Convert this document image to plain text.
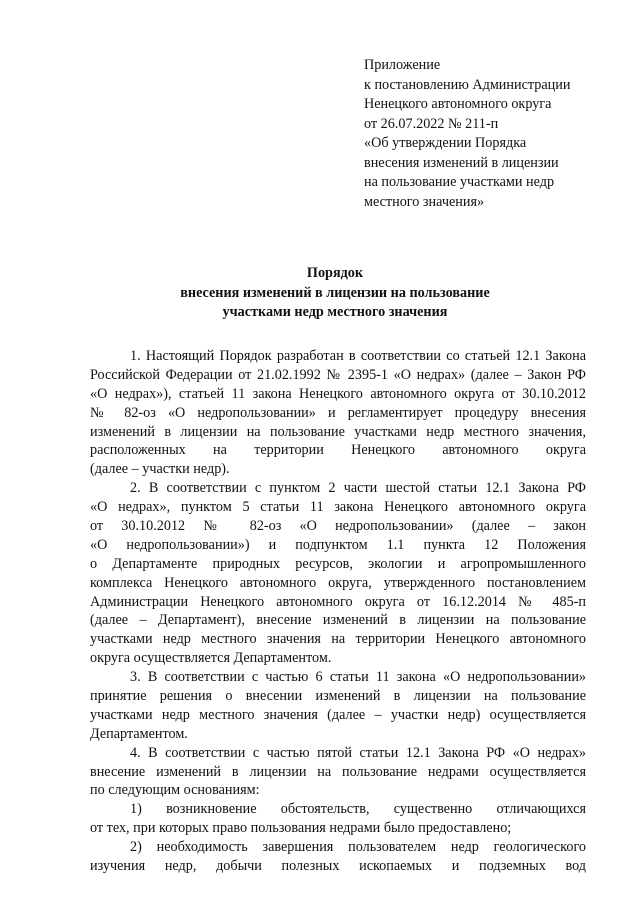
Приложение
к постановлению Администрации
Ненецкого автономного округа
от 26.07.2022 № 211-п
«Об утверждении Порядка
внесения изменений в лицензии
на пользование участками недр
местного значения»
Порядок
внесения изменений в лицензии на пользование
участками недр местного значения
1. Настоящий Порядок разработан в соответствии со статьей 12.1 Закона
Российской Федерации от 21.02.1992 № 2395-1 «О недрах» (далее – Закон РФ
«О недрах»), статьей 11 закона Ненецкого автономного округа от 30.10.2012
№ 82-оз «О недропользовании» и регламентирует процедуру внесения
изменений в лицензии на пользование участками недр местного значения,
расположенных на территории Ненецкого автономного округа
(далее – участки недр).
2. В соответствии с пунктом 2 части шестой статьи 12.1 Закона РФ
«О недрах», пунктом 5 статьи 11 закона Ненецкого автономного округа
от 30.10.2012 № 82-оз «О недропользовании» (далее – закон
«О недропользовании») и подпунктом 1.1 пункта 12 Положения
о Департаменте природных ресурсов, экологии и агропромышленного
комплекса Ненецкого автономного округа, утвержденного постановлением
Администрации Ненецкого автономного округа от 16.12.2014 № 485-п
(далее – Департамент), внесение изменений в лицензии на пользование
участками недр местного значения на территории Ненецкого автономного
округа осуществляется Департаментом.
3. В соответствии с частью 6 статьи 11 закона «О недропользовании»
принятие решения о внесении изменений в лицензии на пользование
участками недр местного значения (далее – участки недр) осуществляется
Департаментом.
4. В соответствии с частью пятой статьи 12.1 Закона РФ «О недрах»
внесение изменений в лицензии на пользование недрами осуществляется
по следующим основаниям:
1) возникновение обстоятельств, существенно отличающихся
от тех, при которых право пользования недрами было предоставлено;
2) необходимость завершения пользователем недр геологического
изучения недр, добычи полезных ископаемых и подземных вод
